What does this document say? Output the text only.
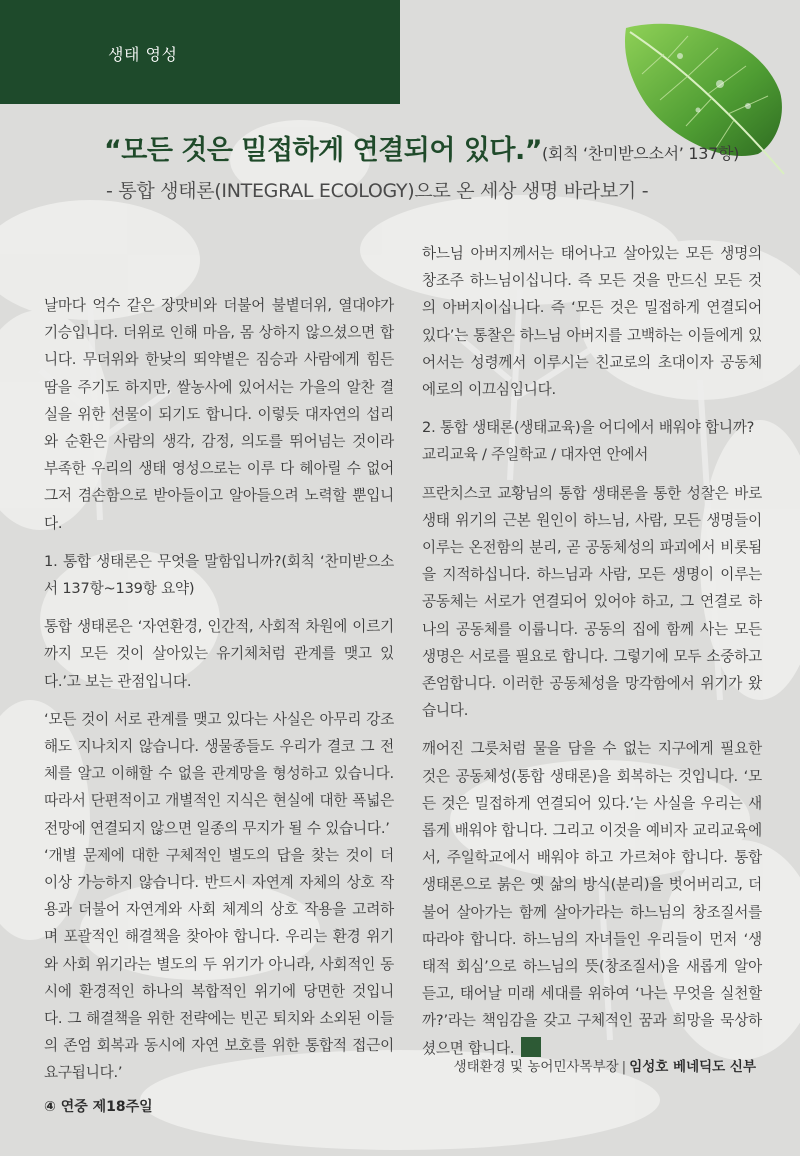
생태 영성
“모든 것은 밀접하게 연결되어 있다.”(회칙 ‘찬미받으소서’ 137항)
- 통합 생태론(INTEGRAL ECOLOGY)으로 온 세상 생명 바라보기 -

날마다 억수 같은 장맛비와 더불어 불볕더위, 열대야가 기승입니다. 더위로 인해 마음, 몸 상하지 않으셨으면 합니다. 무더위와 한낮의 뙤약볕은 짐승과 사람에게 힘든 땀을 주기도 하지만, 쌀농사에 있어서는 가을의 알찬 결실을 위한 선물이 되기도 합니다. 이렇듯 대자연의 섭리와 순환은 사람의 생각, 감정, 의도를 뛰어넘는 것이라 부족한 우리의 생태 영성으로는 이루 다 헤아릴 수 없어 그저 겸손함으로 받아들이고 알아들으려 노력할 뿐입니다.

1. 통합 생태론은 무엇을 말함입니까?(회칙 ‘찬미받으소서 137항~139항 요약)

통합 생태론은 ‘자연환경, 인간적, 사회적 차원에 이르기까지 모든 것이 살아있는 유기체처럼 관계를 맺고 있다.’고 보는 관점입니다.

‘모든 것이 서로 관계를 맺고 있다는 사실은 아무리 강조해도 지나치지 않습니다. 생물종들도 우리가 결코 그 전체를 알고 이해할 수 없을 관계망을 형성하고 있습니다. 따라서 단편적이고 개별적인 지식은 현실에 대한 폭넓은 전망에 연결되지 않으면 일종의 무지가 될 수 있습니다.’

‘개별 문제에 대한 구체적인 별도의 답을 찾는 것이 더 이상 가능하지 않습니다. 반드시 자연계 자체의 상호 작용과 더불어 자연계와 사회 체계의 상호 작용을 고려하며 포괄적인 해결책을 찾아야 합니다. 우리는 환경 위기와 사회 위기라는 별도의 두 위기가 아니라, 사회적인 동시에 환경적인 하나의 복합적인 위기에 당면한 것입니다. 그 해결책을 위한 전략에는 빈곤 퇴치와 소외된 이들의 존엄 회복과 동시에 자연 보호를 위한 통합적 접근이 요구됩니다.’

하느님 아버지께서는 태어나고 살아있는 모든 생명의 창조주 하느님이십니다. 즉 모든 것을 만드신 모든 것의 아버지이십니다. 즉 ‘모든 것은 밀접하게 연결되어 있다’는 통찰은 하느님 아버지를 고백하는 이들에게 있어서는 성령께서 이루시는 친교로의 초대이자 공동체에로의 이끄심입니다.

2. 통합 생태론(생태교육)을 어디에서 배워야 합니까?

교리교육 / 주일학교 / 대자연 안에서

프란치스코 교황님의 통합 생태론을 통한 성찰은 바로 생태 위기의 근본 원인이 하느님, 사람, 모든 생명들이 이루는 온전함의 분리, 곧 공동체성의 파괴에서 비롯됨을 지적하십니다. 하느님과 사람, 모든 생명이 이루는 공동체는 서로가 연결되어 있어야 하고, 그 연결로 하나의 공동체를 이룹니다. 공동의 집에 함께 사는 모든 생명은 서로를 필요로 합니다. 그렇기에 모두 소중하고 존엄합니다. 이러한 공동체성을 망각함에서 위기가 왔습니다.

깨어진 그릇처럼 물을 담을 수 없는 지구에게 필요한 것은 공동체성(통합 생태론)을 회복하는 것입니다. ‘모든 것은 밀접하게 연결되어 있다.’는 사실을 우리는 새롭게 배워야 합니다. 그리고 이것을 예비자 교리교육에서, 주일학교에서 배워야 하고 가르쳐야 합니다. 통합 생태론으로 붉은 옛 삶의 방식(분리)을 벗어버리고, 더불어 살아가는 함께 살아가라는 하느님의 창조질서를 따라야 합니다. 하느님의 자녀들인 우리들이 먼저 ‘생태적 회심’으로 하느님의 뜻(창조질서)을 새롭게 알아듣고, 태어날 미래 세대를 위하여 ‘나는 무엇을 실천할까?’라는 책임감을 갖고 구체적인 꿈과 희망을 묵상하셨으면 합니다.

생태환경 및 농어민사목부장 | 임성호 베네딕도 신부
④ 연중 제18주일
